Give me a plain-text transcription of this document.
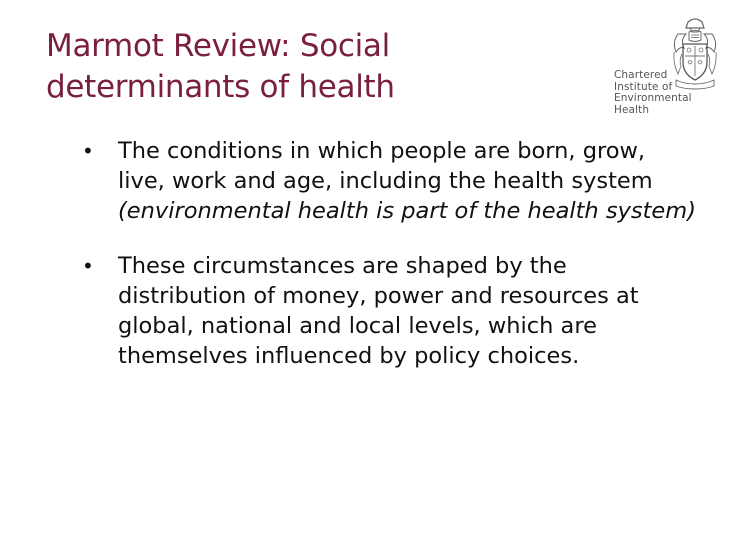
Marmot Review: Social
determinants of health	Chartered
Institute of
Environmental
Health
• The conditions in which people are born, grow, live, work and age, including the health system (environmental health is part of the health system)
• These circumstances are shaped by the distribution of money, power and resources at global, national and local levels, which are themselves influenced by policy choices.
